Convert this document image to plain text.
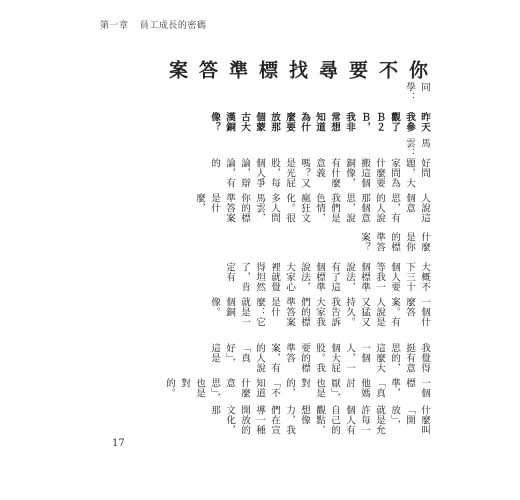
第一章 員工成長的密碼

你不要尋找標準答案

同學：

昨天我參觀了Ｂ２Ｂ，我非常想知道為什麼要放那個蒙古大漢銅像？

馬雲：

好問題，大家問為什麼要搬這個銅像，有什麼意義嗎？又是光屁股，每個人爭論，辯論，有的

人說這個意思，有的人說那個意思，說我們是色情，瘋狂文化。很多人問馬雲，你的標準答案是什麼，

什麼是你的標準答案？

大概不下三十個人要等我一個標準說法，有了這個標準說法，大家心裡就覺得坦然了，肯定有

一個什麼答案。有人說是又猛又持久。我告訴大家我們的標準答案是什麼：它就是一個銅像。

我覺得挺有意思的，這麼大一個人，一個大屁股。我要的標準答案，有的人說「真好」，這是

一個標準，「真他媽討厭」，也是對的，「不知道什麼意思」，也是對的。

什麼叫「開放」，就是允許每一個人有自己的觀點、想像力，我們在宣導一種開放的文化，那

17
